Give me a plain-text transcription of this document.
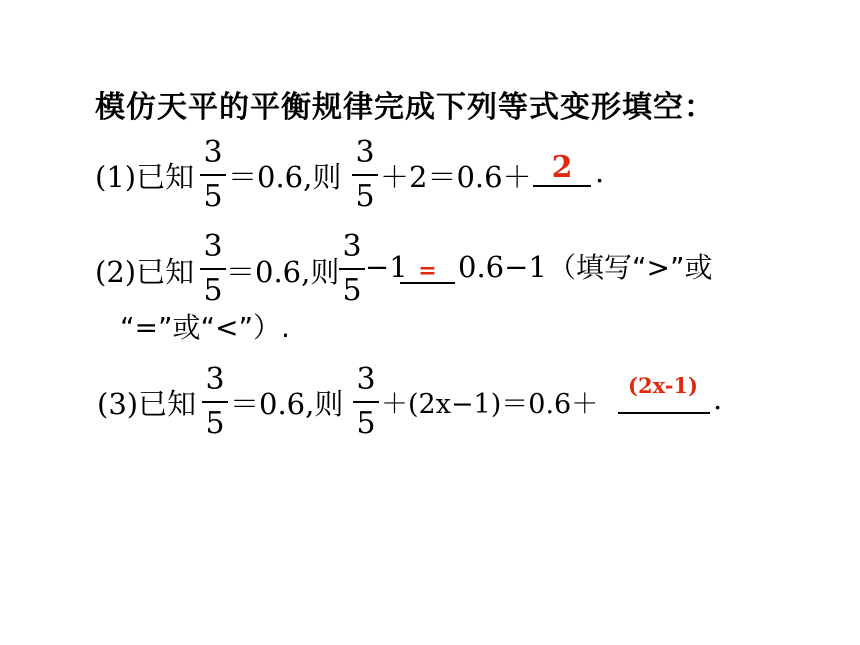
模仿天平的平衡规律完成下列等式变形填空：
(1)已知
3
5
＝0.6,则
3
5
＋2＝0.6＋ 2 .
(2)已知
3
5
＝0.6,则
3
5
−1 = 0.6−1 （填写“>”或
“=”或“<”）.
(3)已知
3
5
＝0.6,则
3
5
＋(2x−1)＝0.6＋
(2x-1) .
